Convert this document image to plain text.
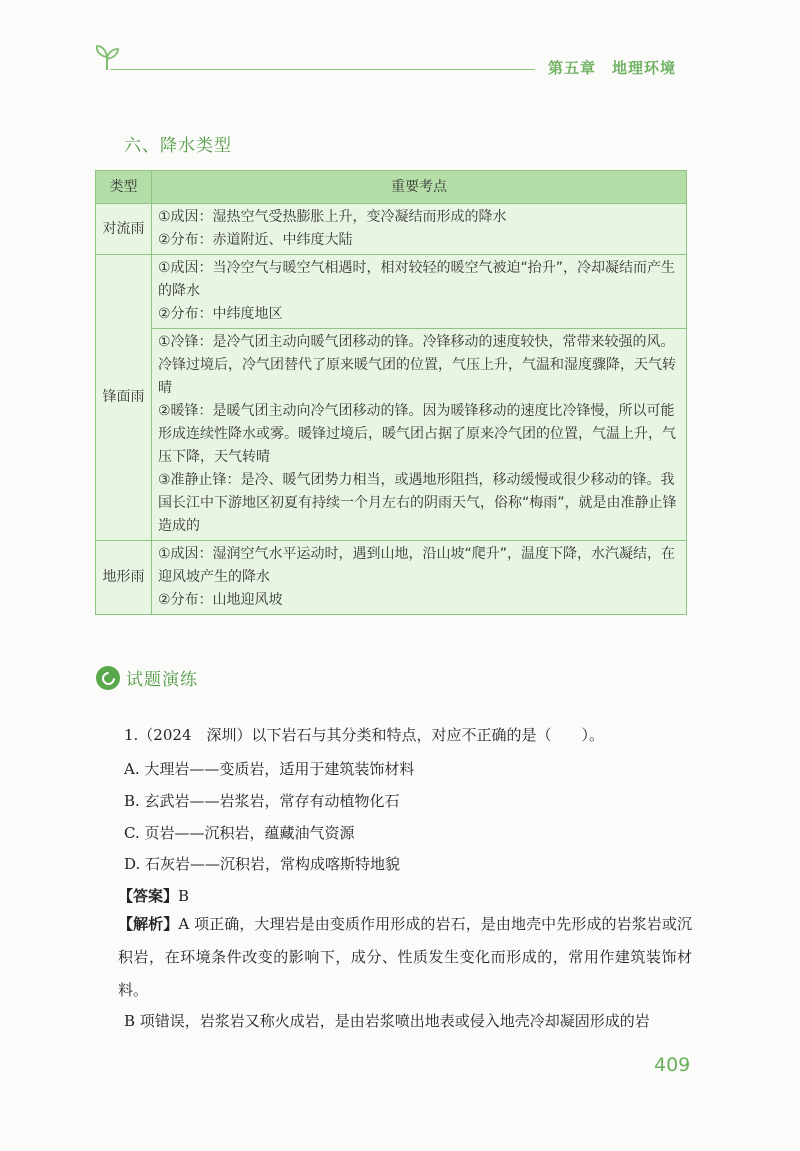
第五章　地理环境
六、降水类型
类型	重要考点
对流雨	①成因：湿热空气受热膨胀上升，变冷凝结而形成的降水

②分布：赤道附近、中纬度大陆

锋面雨	①成因：当冷空气与暖空气相遇时，相对较轻的暖空气被迫“抬升”，冷却凝结而产生的降水

②分布：中纬度地区

	①冷锋：是冷气团主动向暖气团移动的锋。冷锋移动的速度较快，常带来较强的风。冷锋过境后，冷气团替代了原来暖气团的位置，气压上升，气温和湿度骤降，天气转晴

②暖锋：是暖气团主动向冷气团移动的锋。因为暖锋移动的速度比冷锋慢，所以可能形成连续性降水或雾。暖锋过境后，暖气团占据了原来冷气团的位置，气温上升，气压下降，天气转晴

③准静止锋：是冷、暖气团势力相当，或遇地形阻挡，移动缓慢或很少移动的锋。我国长江中下游地区初夏有持续一个月左右的阴雨天气，俗称“梅雨”，就是由准静止锋造成的

地形雨	①成因：湿润空气水平运动时，遇到山地，沿山坡“爬升”，温度下降，水汽凝结，在迎风坡产生的降水

②分布：山地迎风坡

试题演练
1.（2024　深圳）以下岩石与其分类和特点，对应不正确的是（　　）。
A. 大理岩——变质岩，适用于建筑装饰材料
B. 玄武岩——岩浆岩，常存有动植物化石
C. 页岩——沉积岩，蕴藏油气资源
D. 石灰岩——沉积岩，常构成喀斯特地貌
【答案】B
【解析】A 项正确，大理岩是由变质作用形成的岩石，是由地壳中先形成的岩浆岩或沉积岩，在环境条件改变的影响下，成分、性质发生变化而形成的，常用作建筑装饰材料。
B 项错误，岩浆岩又称火成岩，是由岩浆喷出地表或侵入地壳冷却凝固形成的岩
409
